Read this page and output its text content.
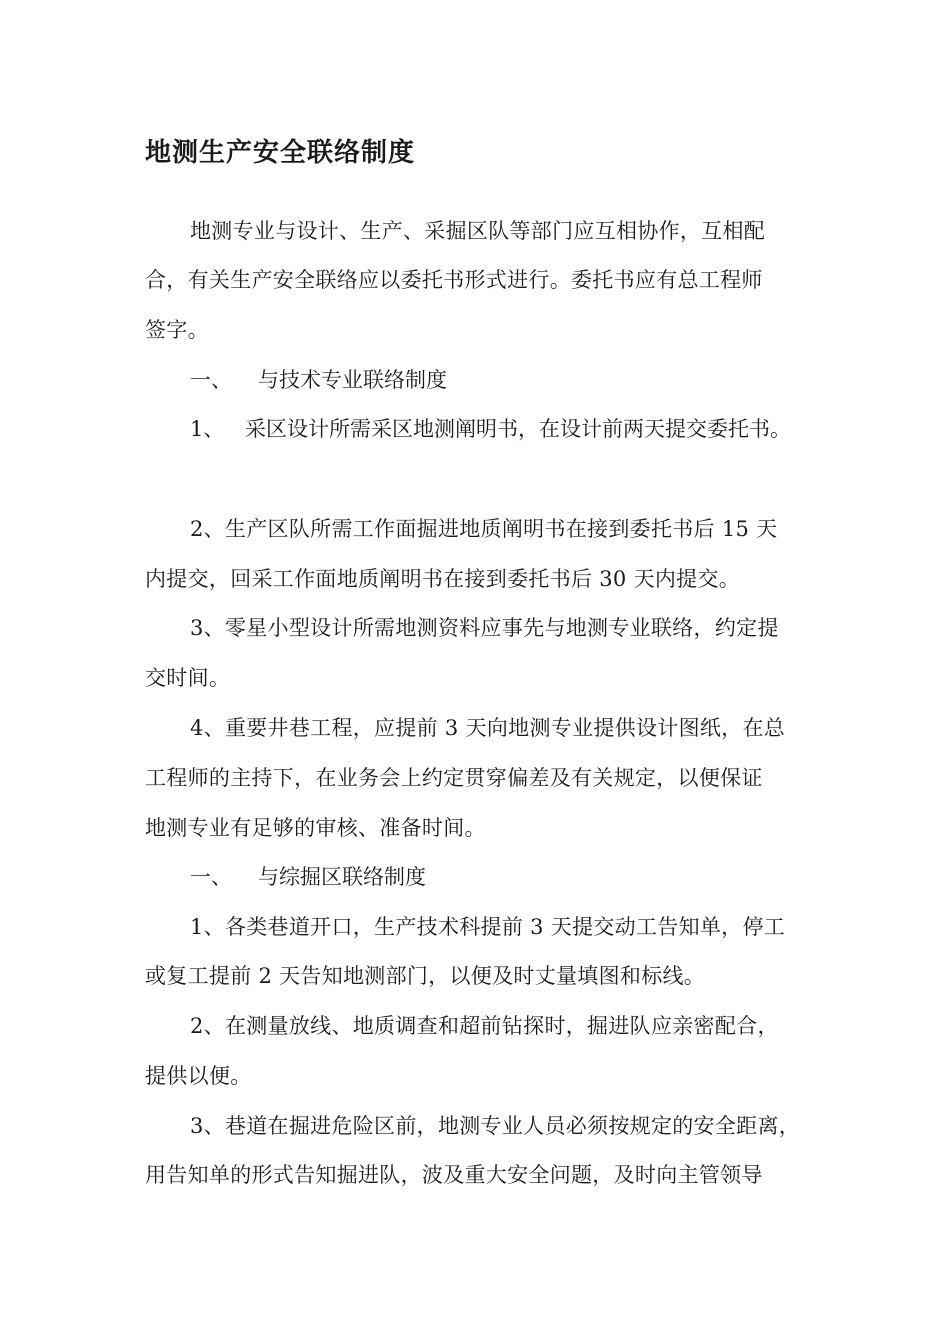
地测生产安全联络制度
地测专业与设计、生产、采掘区队等部门应互相协作，互相配
合，有关生产安全联络应以委托书形式进行。委托书应有总工程师
签字。
一、 与技术专业联络制度
1、 采区设计所需采区地测阐明书，在设计前两天提交委托书。
2、生产区队所需工作面掘进地质阐明书在接到委托书后 15 天
内提交，回采工作面地质阐明书在接到委托书后 30 天内提交。
3、零星小型设计所需地测资料应事先与地测专业联络，约定提
交时间。
4、重要井巷工程，应提前 3 天向地测专业提供设计图纸，在总
工程师的主持下，在业务会上约定贯穿偏差及有关规定，以便保证
地测专业有足够的审核、准备时间。
一、 与综掘区联络制度
1、各类巷道开口，生产技术科提前 3 天提交动工告知单，停工
或复工提前 2 天告知地测部门，以便及时丈量填图和标线。
2、在测量放线、地质调查和超前钻探时，掘进队应亲密配合，
提供以便。
3、巷道在掘进危险区前，地测专业人员必须按规定的安全距离，
用告知单的形式告知掘进队，波及重大安全问题，及时向主管领导
